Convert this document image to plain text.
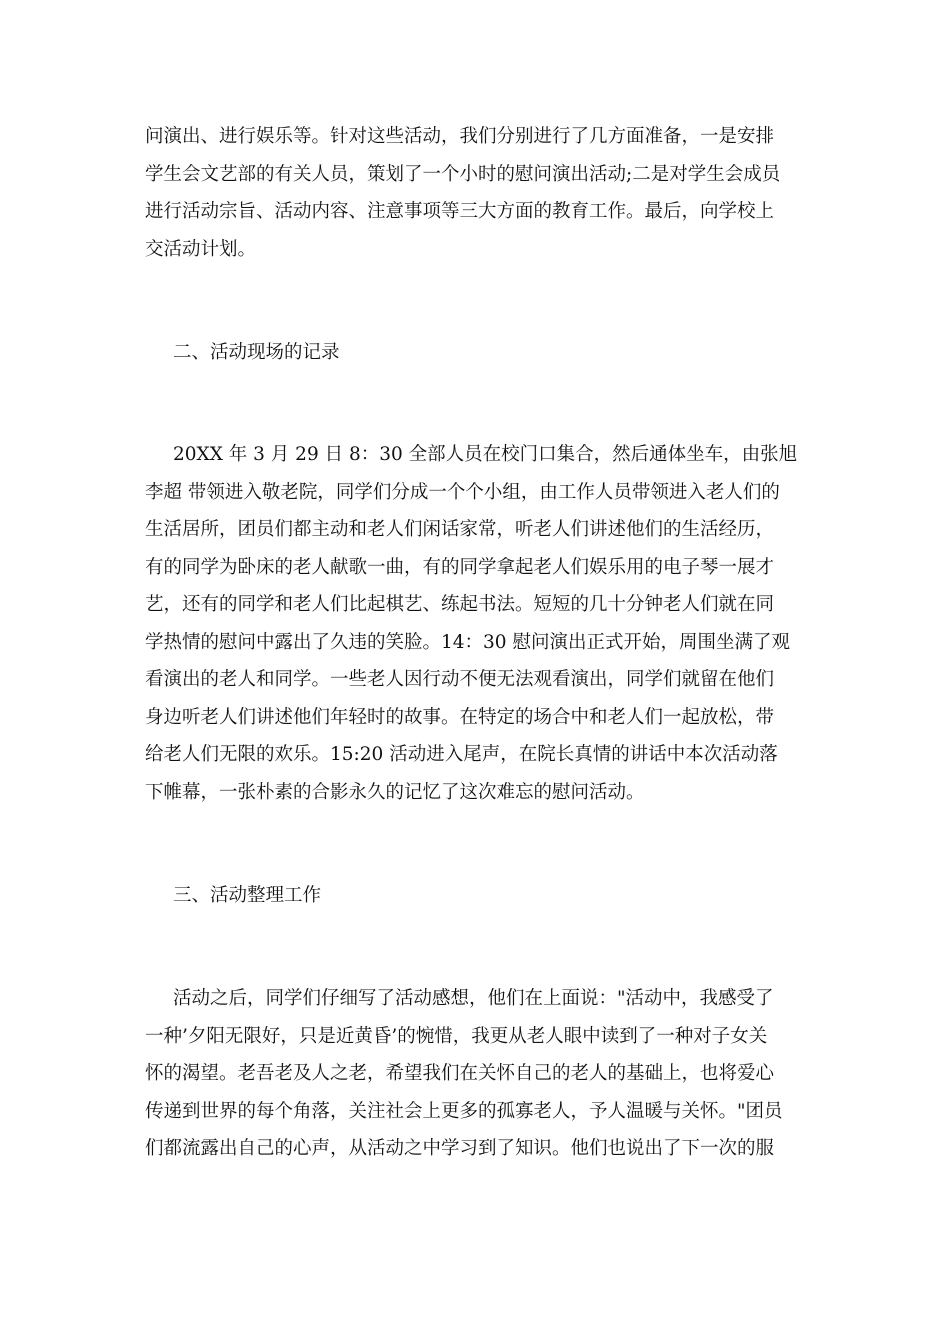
问演出、进行娱乐等。针对这些活动，我们分别进行了几方面准备，一是安排
学生会文艺部的有关人员，策划了一个小时的慰问演出活动;二是对学生会成员
进行活动宗旨、活动内容、注意事项等三大方面的教育工作。最后，向学校上
交活动计划。
二、活动现场的记录
20XX 年 3 月 29 日 8：30 全部人员在校门口集合，然后通体坐车，由张旭
李超 带领进入敬老院，同学们分成一个个小组，由工作人员带领进入老人们的
生活居所，团员们都主动和老人们闲话家常，听老人们讲述他们的生活经历，
有的同学为卧床的老人献歌一曲，有的同学拿起老人们娱乐用的电子琴一展才
艺，还有的同学和老人们比起棋艺、练起书法。短短的几十分钟老人们就在同
学热情的慰问中露出了久违的笑脸。14：30 慰问演出正式开始，周围坐满了观
看演出的老人和同学。一些老人因行动不便无法观看演出，同学们就留在他们
身边听老人们讲述他们年轻时的故事。在特定的场合中和老人们一起放松，带
给老人们无限的欢乐。15:20 活动进入尾声，在院长真情的讲话中本次活动落
下帷幕，一张朴素的合影永久的记忆了这次难忘的慰问活动。
三、活动整理工作
活动之后，同学们仔细写了活动感想，他们在上面说："活动中，我感受了
一种’夕阳无限好，只是近黄昏’的惋惜，我更从老人眼中读到了一种对子女关
怀的渴望。老吾老及人之老，希望我们在关怀自己的老人的基础上，也将爱心
传递到世界的每个角落，关注社会上更多的孤寡老人，予人温暖与关怀。"团员
们都流露出自己的心声，从活动之中学习到了知识。他们也说出了下一次的服
